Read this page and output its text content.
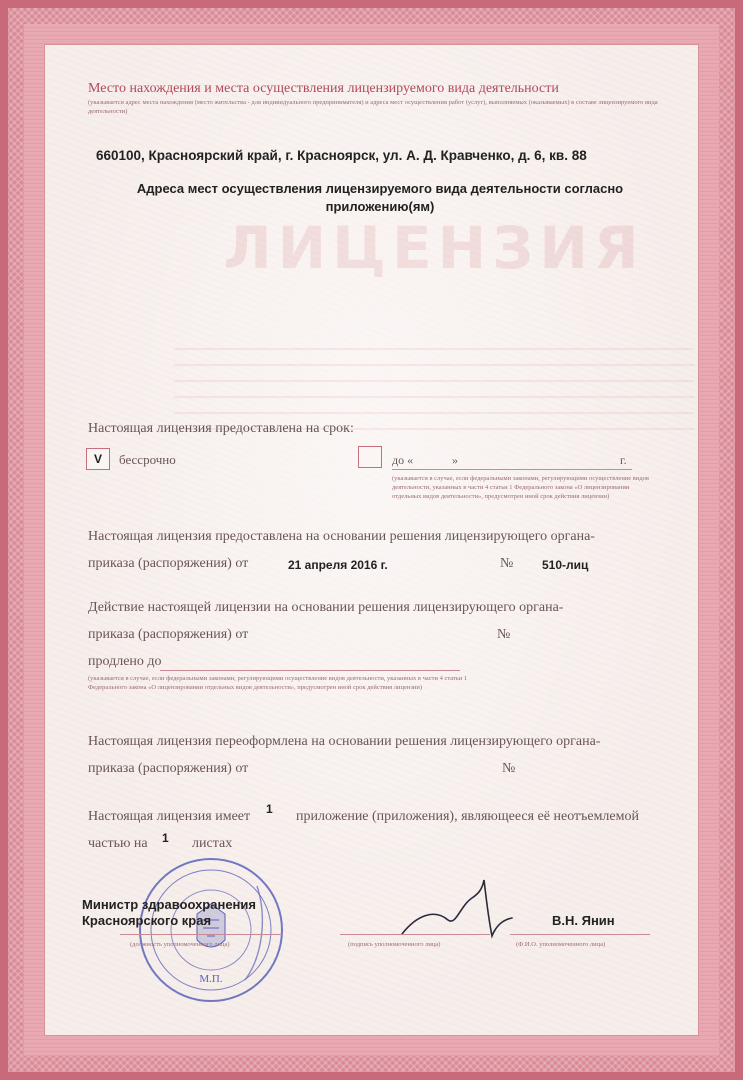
ЛИЦЕНЗИЯ
Место нахождения и места осуществления лицензируемого вида деятельности
(указывается адрес места нахождения (место жительства - для индивидуального предпринимателя) и адреса мест осуществления работ (услуг), выполняемых (оказываемых) в составе лицензируемого вида деятельности)
660100, Красноярский край, г. Красноярск, ул. А. Д. Кравченко, д. 6, кв. 88
Адреса мест осуществления лицензируемого вида деятельности согласно
приложению(ям)
Настоящая лицензия предоставлена на срок:
V	бессрочно	до «	»	г.
(указывается в случае, если федеральными законами, регулирующими осуществление видов деятельности, указанных в части 4 статьи 1 Федерального закона «О лицензировании отдельных видов деятельности», предусмотрен иной срок действия лицензии)
Настоящая лицензия предоставлена на основании решения лицензирующего органа-
приказа (распоряжения) от	21 апреля 2016 г.	№ 510-лиц
Действие настоящей лицензии на основании решения лицензирующего органа-
приказа (распоряжения) от	№
продлено до
(указывается в случае, если федеральными законами, регулирующими осуществление видов деятельности, указанных в части 4 статьи 1 Федерального закона «О лицензировании отдельных видов деятельности», предусмотрен иной срок действия лицензии)
Настоящая лицензия переоформлена на основании решения лицензирующего органа-
приказа (распоряжения) от	№
Настоящая лицензия имеет 1 приложение (приложения), являющееся её неотъемлемой
частью на 1 листах
М.П.
Министр здравоохранения
Красноярского края
(должность уполномоченного лица)	(подпись уполномоченного лица)
В.Н. Янин
(Ф.И.О. уполномоченного лица)
